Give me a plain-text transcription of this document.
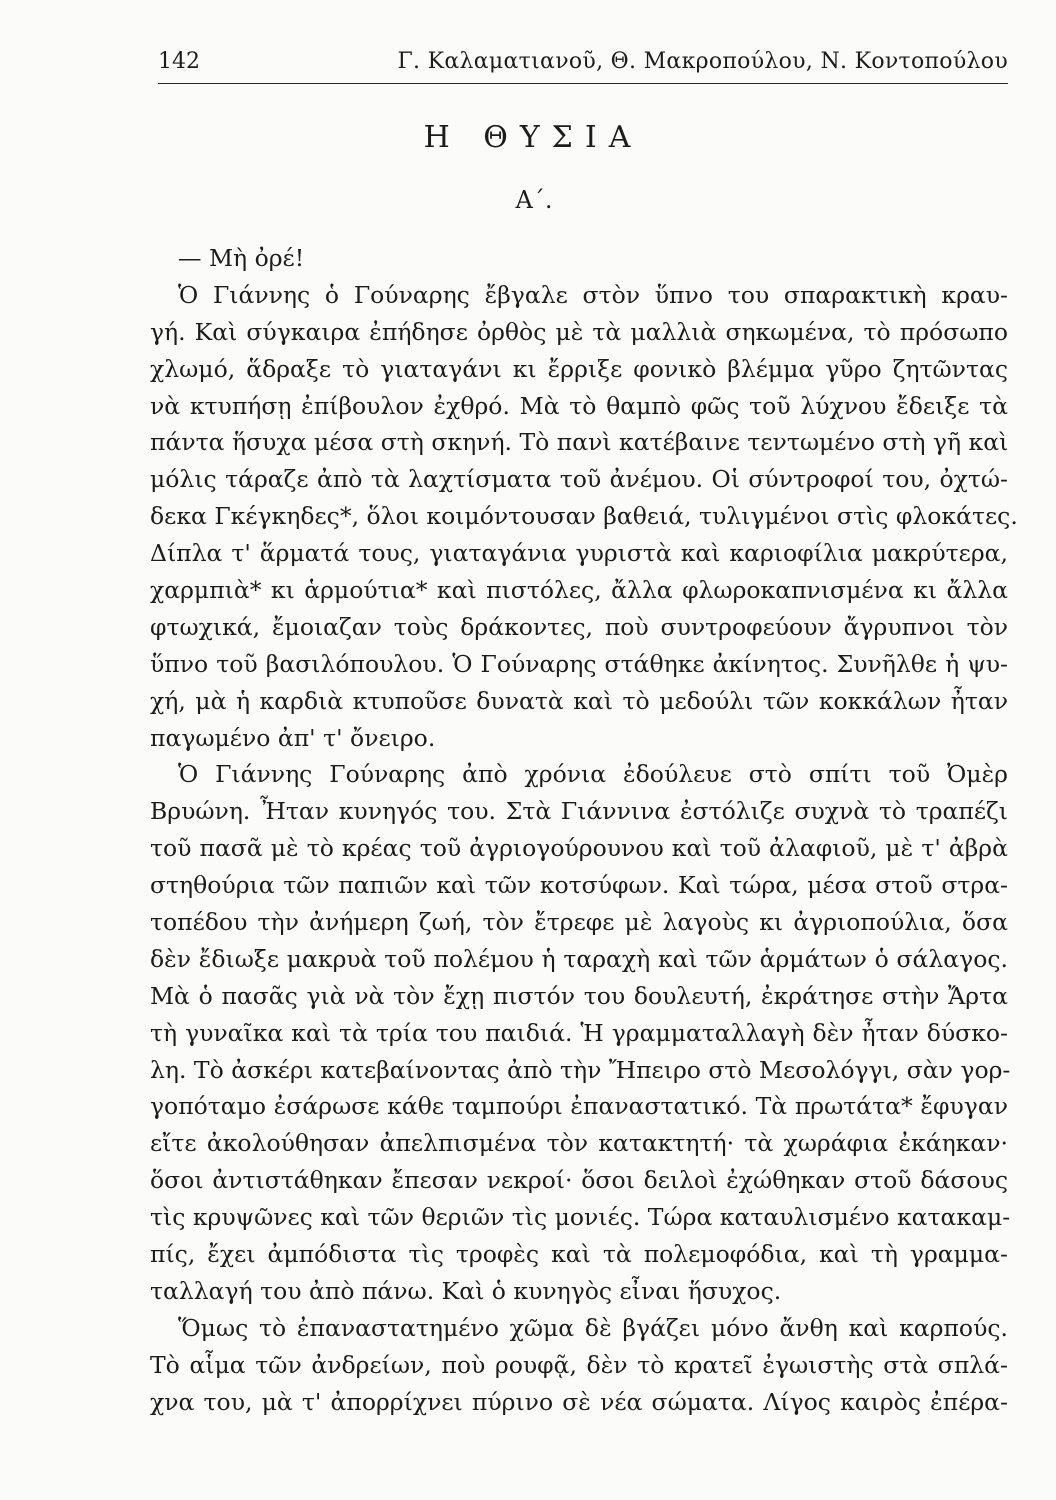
142	Γ. Καλαματιανοῦ, Θ. Μακροπούλου, Ν. Κοντοπούλου
Η ΘΥΣΙΑ
Α΄.
— Μὴ ὀρέ!
Ὁ Γιάννης ὁ Γούναρης ἔβγαλε στὸν ὕπνο του σπαρακτικὴ κραυ-
γή. Καὶ σύγκαιρα ἐπήδησε ὀρθὸς μὲ τὰ μαλλιὰ σηκωμένα, τὸ πρόσωπο
χλωμό, ἅδραξε τὸ γιαταγάνι κι ἔρριξε φονικὸ βλέμμα γῦρο ζητῶντας
νὰ κτυπήσῃ ἐπίβουλον ἐχθρό. Μὰ τὸ θαμπὸ φῶς τοῦ λύχνου ἔδειξε τὰ
πάντα ἥσυχα μέσα στὴ σκηνή. Τὸ πανὶ κατέβαινε τεντωμένο στὴ γῆ καὶ
μόλις τάραζε ἀπὸ τὰ λαχτίσματα τοῦ ἀνέμου. Οἱ σύντροφοί του, ὀχτώ-
δεκα Γκέγκηδες*, ὅλοι κοιμόντουσαν βαθειά, τυλιγμένοι στὶς φλοκάτες.
Δίπλα τ' ἅρματά τους, γιαταγάνια γυριστὰ καὶ καριοφίλια μακρύτερα,
χαρμπιὰ* κι ἁρμούτια* καὶ πιστόλες, ἄλλα φλωροκαπνισμένα κι ἄλλα
φτωχικά, ἔμοιαζαν τοὺς δράκοντες, ποὺ συντροφεύουν ἄγρυπνοι τὸν
ὕπνο τοῦ βασιλόπουλου. Ὁ Γούναρης στάθηκε ἀκίνητος. Συνῆλθε ἡ ψυ-
χή, μὰ ἡ καρδιὰ κτυποῦσε δυνατὰ καὶ τὸ μεδούλι τῶν κοκκάλων ἦταν
παγωμένο ἀπ' τ' ὄνειρο.
Ὁ Γιάννης Γούναρης ἀπὸ χρόνια ἐδούλευε στὸ σπίτι τοῦ Ὀμὲρ
Βρυώνη. Ἦταν κυνηγός του. Στὰ Γιάννινα ἐστόλιζε συχνὰ τὸ τραπέζι
τοῦ πασᾶ μὲ τὸ κρέας τοῦ ἀγριογούρουνου καὶ τοῦ ἀλαφιοῦ, μὲ τ' ἀβρὰ
στηθούρια τῶν παπιῶν καὶ τῶν κοτσύφων. Καὶ τώρα, μέσα στοῦ στρα-
τοπέδου τὴν ἀνήμερη ζωή, τὸν ἔτρεφε μὲ λαγοὺς κι ἀγριοπούλια, ὅσα
δὲν ἔδιωξε μακρυὰ τοῦ πολέμου ἡ ταραχὴ καὶ τῶν ἁρμάτων ὁ σάλαγος.
Μὰ ὁ πασᾶς γιὰ νὰ τὸν ἔχῃ πιστόν του δουλευτή, ἐκράτησε στὴν Ἄρτα
τὴ γυναῖκα καὶ τὰ τρία του παιδιά. Ἡ γραμματαλλαγὴ δὲν ἦταν δύσκο-
λη. Τὸ ἀσκέρι κατεβαίνοντας ἀπὸ τὴν Ἤπειρο στὸ Μεσολόγγι, σὰν γορ-
γοπόταμο ἐσάρωσε κάθε ταμπούρι ἐπαναστατικό. Τὰ πρωτάτα* ἔφυγαν
εἴτε ἀκολούθησαν ἀπελπισμένα τὸν κατακτητή· τὰ χωράφια ἐκάηκαν·
ὅσοι ἀντιστάθηκαν ἔπεσαν νεκροί· ὅσοι δειλοὶ ἐχώθηκαν στοῦ δάσους
τὶς κρυψῶνες καὶ τῶν θεριῶν τὶς μονιές. Τώρα καταυλισμένο κατακαμ-
πίς, ἔχει ἀμπόδιστα τὶς τροφὲς καὶ τὰ πολεμοφόδια, καὶ τὴ γραμμα-
ταλλαγή του ἀπὸ πάνω. Καὶ ὁ κυνηγὸς εἶναι ἥσυχος.
Ὅμως τὸ ἐπαναστατημένο χῶμα δὲ βγάζει μόνο ἄνθη καὶ καρπούς.
Τὸ αἷμα τῶν ἀνδρείων, ποὺ ρουφᾷ, δὲν τὸ κρατεῖ ἐγωιστὴς στὰ σπλά-
χνα του, μὰ τ' ἀπορρίχνει πύρινο σὲ νέα σώματα. Λίγος καιρὸς ἐπέρα-
